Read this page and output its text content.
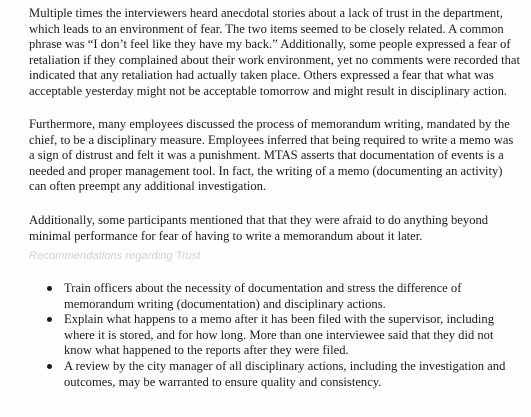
Multiple times the interviewers heard anecdotal stories about a lack of trust in the department, which leads to an environment of fear. The two items seemed to be closely related. A common phrase was “I don’t feel like they have my back.” Additionally, some people expressed a fear of retaliation if they complained about their work environment, yet no comments were recorded that indicated that any retaliation had actually taken place. Others expressed a fear that what was acceptable yesterday might not be acceptable tomorrow and might result in disciplinary action.

Furthermore, many employees discussed the process of memorandum writing, mandated by the chief, to be a disciplinary measure. Employees inferred that being required to write a memo was a sign of distrust and felt it was a punishment. MTAS asserts that documentation of events is a needed and proper management tool. In fact, the writing of a memo (documenting an activity) can often preempt any additional investigation.

Additionally, some participants mentioned that that they were afraid to do anything beyond minimal performance for fear of having to write a memorandum about it later.

Recommendations regarding Trust

Train officers about the necessity of documentation and stress the difference of memorandum writing (documentation) and disciplinary actions.
Explain what happens to a memo after it has been filed with the supervisor, including where it is stored, and for how long. More than one interviewee said that they did not know what happened to the reports after they were filed.
A review by the city manager of all disciplinary actions, including the investigation and outcomes, may be warranted to ensure quality and consistency.
